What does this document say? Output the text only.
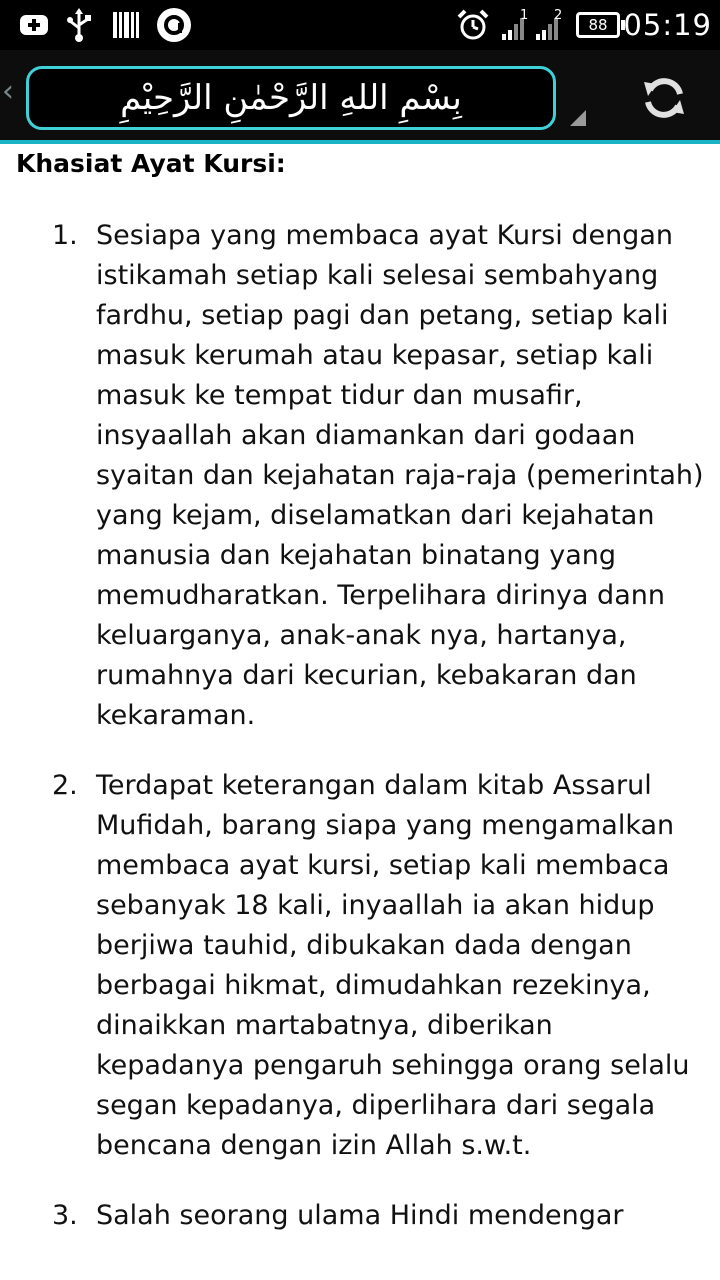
1 2
88 05:19
‹	بِسْمِ اللهِ الرَّحْمٰنِ الرَّحِيْمِ
Khasiat Ayat Kursi:
1. Sesiapa yang membaca ayat Kursi dengan istikamah setiap kali selesai sembahyang fardhu, setiap pagi dan petang, setiap kali masuk kerumah atau kepasar, setiap kali masuk ke tempat tidur dan musafir, insyaallah akan diamankan dari godaan syaitan dan kejahatan raja-raja (pemerintah) yang kejam, diselamatkan dari kejahatan manusia dan kejahatan binatang yang memudharatkan. Terpelihara dirinya dann keluarganya, anak-anak nya, hartanya, rumahnya dari kecurian, kebakaran dan kekaraman.
2. Terdapat keterangan dalam kitab Assarul Mufidah, barang siapa yang mengamalkan membaca ayat kursi, setiap kali membaca sebanyak 18 kali, inyaallah ia akan hidup berjiwa tauhid, dibukakan dada dengan berbagai hikmat, dimudahkan rezekinya, dinaikkan martabatnya, diberikan kepadanya pengaruh sehingga orang selalu segan kepadanya, diperlihara dari segala bencana dengan izin Allah s.w.t.
3. Salah seorang ulama Hindi mendengar
